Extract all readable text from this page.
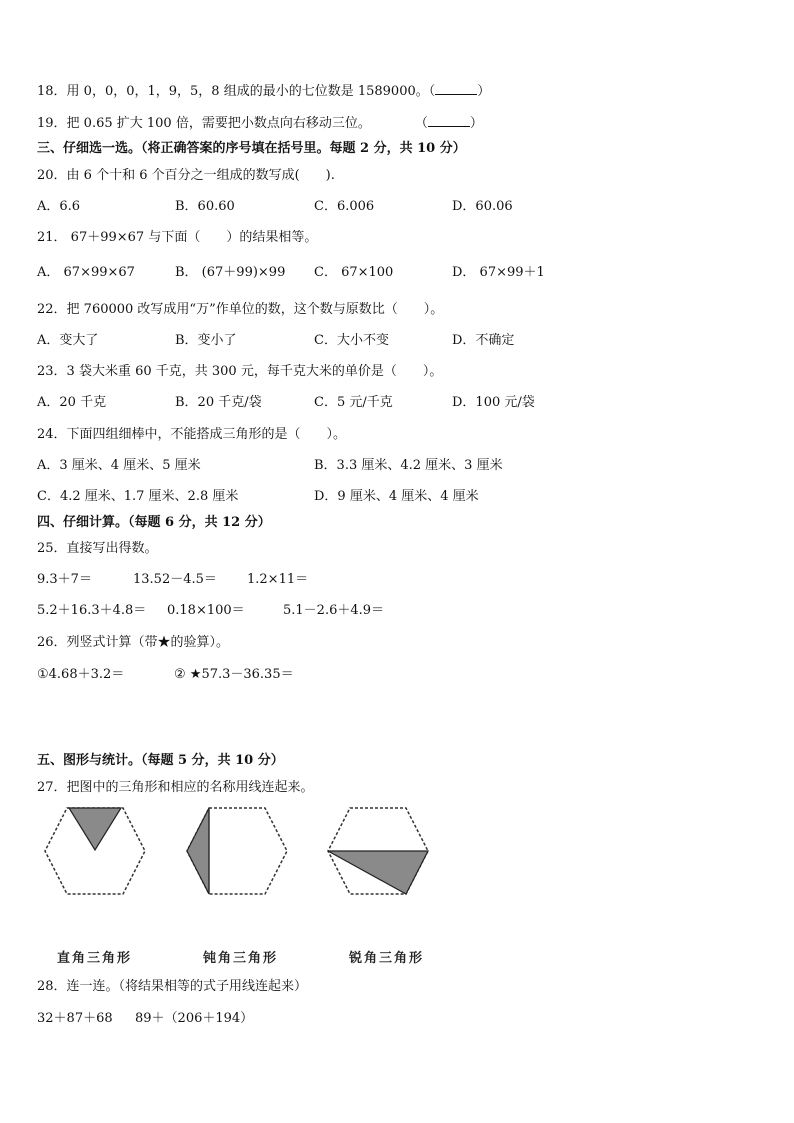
18．用 0，0，0，1，9，5，8 组成的最小的七位数是 1589000。（	）
19．把 0.65 扩大 100 倍，需要把小数点向右移动三位。	（	）
三、仔细选一选。（将正确答案的序号填在括号里。每题 2 分，共 10 分）
20．由 6 个十和 6 个百分之一组成的数写成(　　).
A．6.6	B．60.60	C．6.006	D．60.06
21． 67＋99×67 与下面（　　）的结果相等。
A． 67×99×67	B． (67＋99)×99 C． 67×100	D． 67×99＋1
22．把 760000 改写成用“万”作单位的数，这个数与原数比（　　）。
A．变大了	B．变小了	C．大小不变	D．不确定
23．3 袋大米重 60 千克，共 300 元，每千克大米的单价是（　　）。
A．20 千克	B．20 千克/袋	C．5 元/千克	D．100 元/袋
24．下面四组细棒中，不能搭成三角形的是（　　）。
A．3 厘米、4 厘米、5 厘米	B．3.3 厘米、4.2 厘米、3 厘米
C．4.2 厘米、1.7 厘米、2.8 厘米	D．9 厘米、4 厘米、4 厘米
四、仔细计算。（每题 6 分，共 12 分）
25．直接写出得数。
9.3＋7＝	13.52－4.5＝ 1.2×11＝
5.2＋16.3＋4.8＝ 0.18×100＝	5.1－2.6＋4.9＝
26．列竖式计算（带★的验算）。
①4.68＋3.2＝	② ★57.3－36.35＝
五、图形与统计。（每题 5 分，共 10 分）
27．把图中的三角形和相应的名称用线连起来。
直角三角形	钝角三角形	锐角三角形
28．连一连。（将结果相等的式子用线连起来）
32＋87＋68 89＋（206＋194）
